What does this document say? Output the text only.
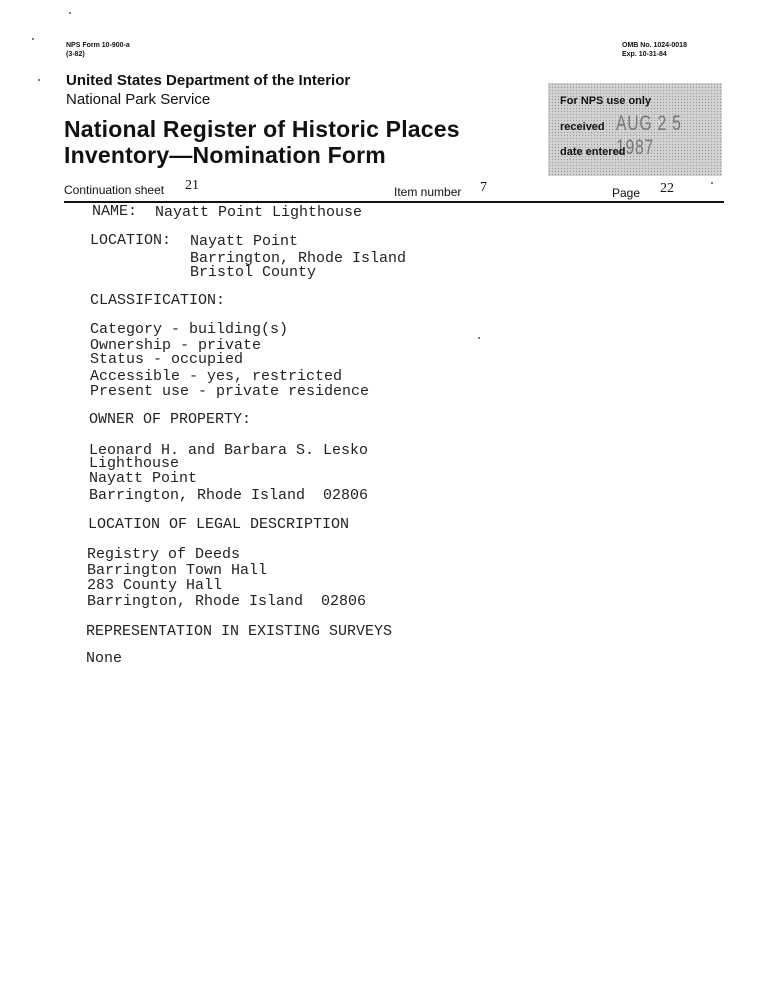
NPS Form 10-900-a
(3-82)
OMB No. 1024-0018
Exp. 10-31-84
United States Department of the Interior
National Park Service
National Register of Historic Places
Inventory—Nomination Form
For NPS use only
received AUG 2 5 1987
date entered
Continuation sheet 21	Item number 7	Page 22
NAME: Nayatt Point Lighthouse
LOCATION: Nayatt Point
Barrington, Rhode Island
Bristol County
CLASSIFICATION:
Category - building(s)
Ownership - private
Status - occupied
Accessible - yes, restricted
Present use - private residence
OWNER OF PROPERTY:
Leonard H. and Barbara S. Lesko
Lighthouse
Nayatt Point
Barrington, Rhode Island  02806
LOCATION OF LEGAL DESCRIPTION
Registry of Deeds
Barrington Town Hall
283 County Hall
Barrington, Rhode Island  02806
REPRESENTATION IN EXISTING SURVEYS
None
